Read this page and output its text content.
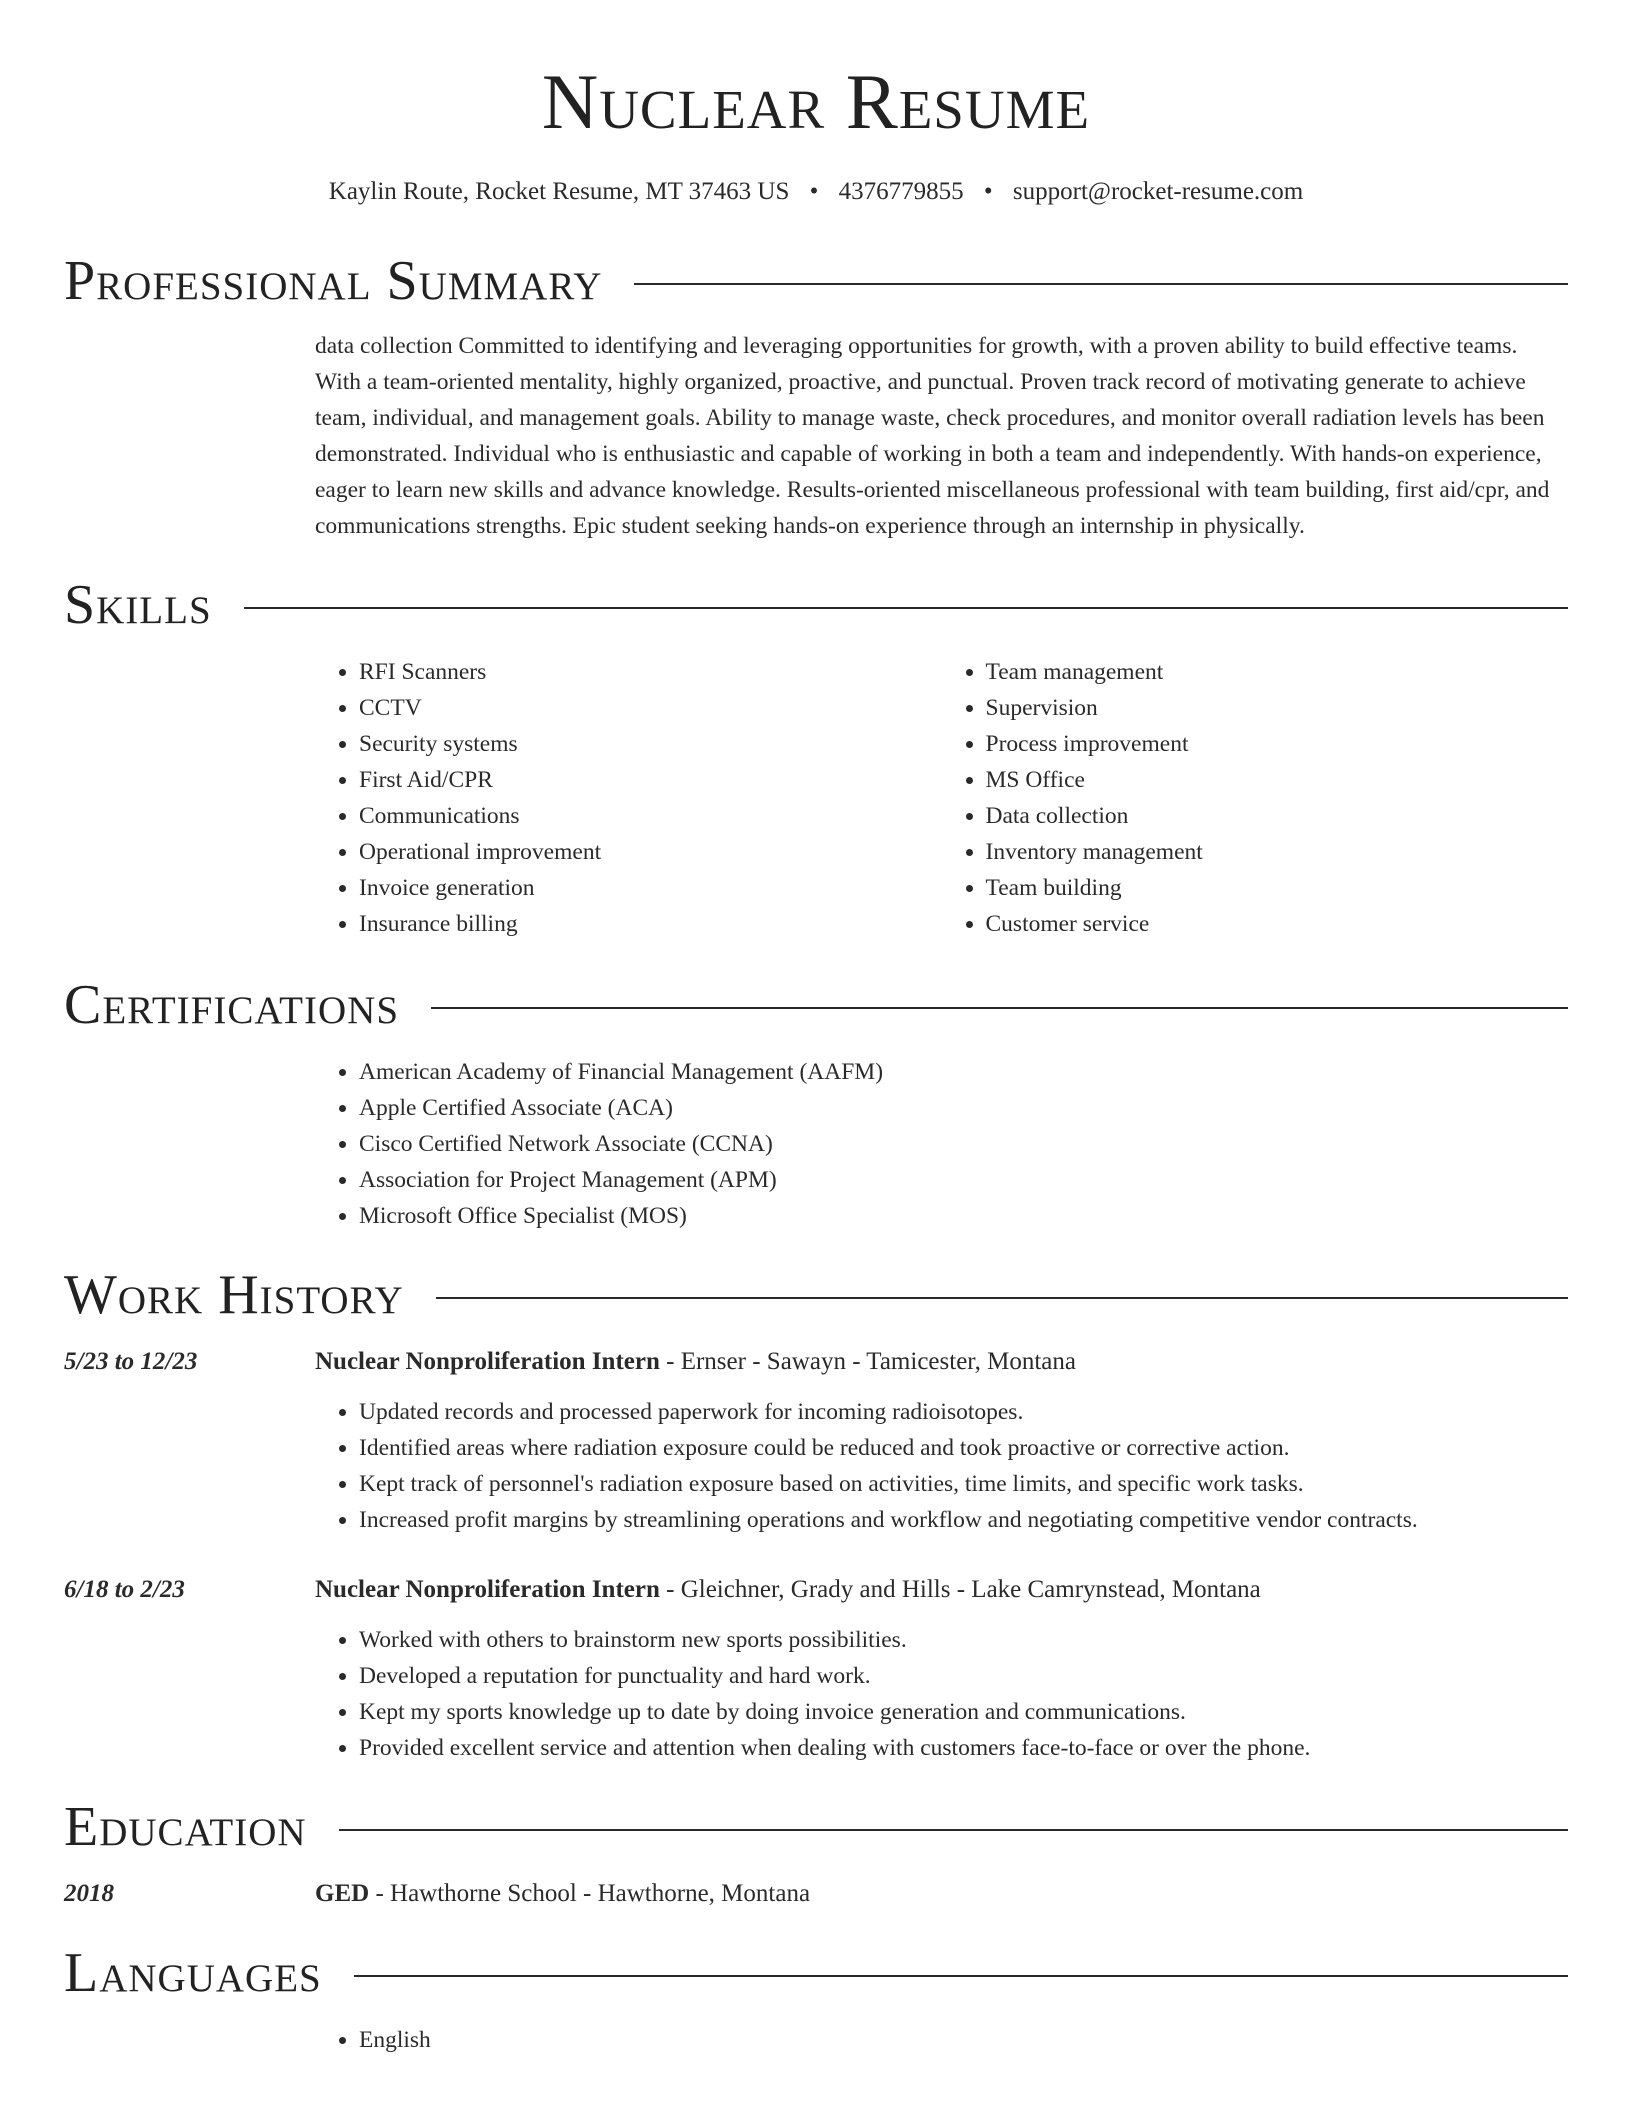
Nuclear Resume
Kaylin Route, Rocket Resume, MT 37463 US • 4376779855 • support@rocket-resume.com
Professional Summary
data collection Committed to identifying and leveraging opportunities for growth, with a proven ability to build effective teams. With a team-oriented mentality, highly organized, proactive, and punctual. Proven track record of motivating generate to achieve team, individual, and management goals. Ability to manage waste, check procedures, and monitor overall radiation levels has been demonstrated. Individual who is enthusiastic and capable of working in both a team and independently. With hands-on experience, eager to learn new skills and advance knowledge. Results-oriented miscellaneous professional with team building, first aid/cpr, and communications strengths. Epic student seeking hands-on experience through an internship in physically.
Skills
• RFI Scanners
• CCTV
• Security systems
• First Aid/CPR
• Communications
• Operational improvement
• Invoice generation
• Insurance billing
• Team management
• Supervision
• Process improvement
• MS Office
• Data collection
• Inventory management
• Team building
• Customer service
Certifications
• American Academy of Financial Management (AAFM)
• Apple Certified Associate (ACA)
• Cisco Certified Network Associate (CCNA)
• Association for Project Management (APM)
• Microsoft Office Specialist (MOS)
Work History
5/23 to 12/23	Nuclear Nonproliferation Intern - Ernser - Sawayn - Tamicester, Montana
• Updated records and processed paperwork for incoming radioisotopes.
• Identified areas where radiation exposure could be reduced and took proactive or corrective action.
• Kept track of personnel's radiation exposure based on activities, time limits, and specific work tasks.
• Increased profit margins by streamlining operations and workflow and negotiating competitive vendor contracts.
6/18 to 2/23	Nuclear Nonproliferation Intern - Gleichner, Grady and Hills - Lake Camrynstead, Montana
• Worked with others to brainstorm new sports possibilities.
• Developed a reputation for punctuality and hard work.
• Kept my sports knowledge up to date by doing invoice generation and communications.
• Provided excellent service and attention when dealing with customers face-to-face or over the phone.
Education
2018	GED - Hawthorne School - Hawthorne, Montana
Languages
• English
